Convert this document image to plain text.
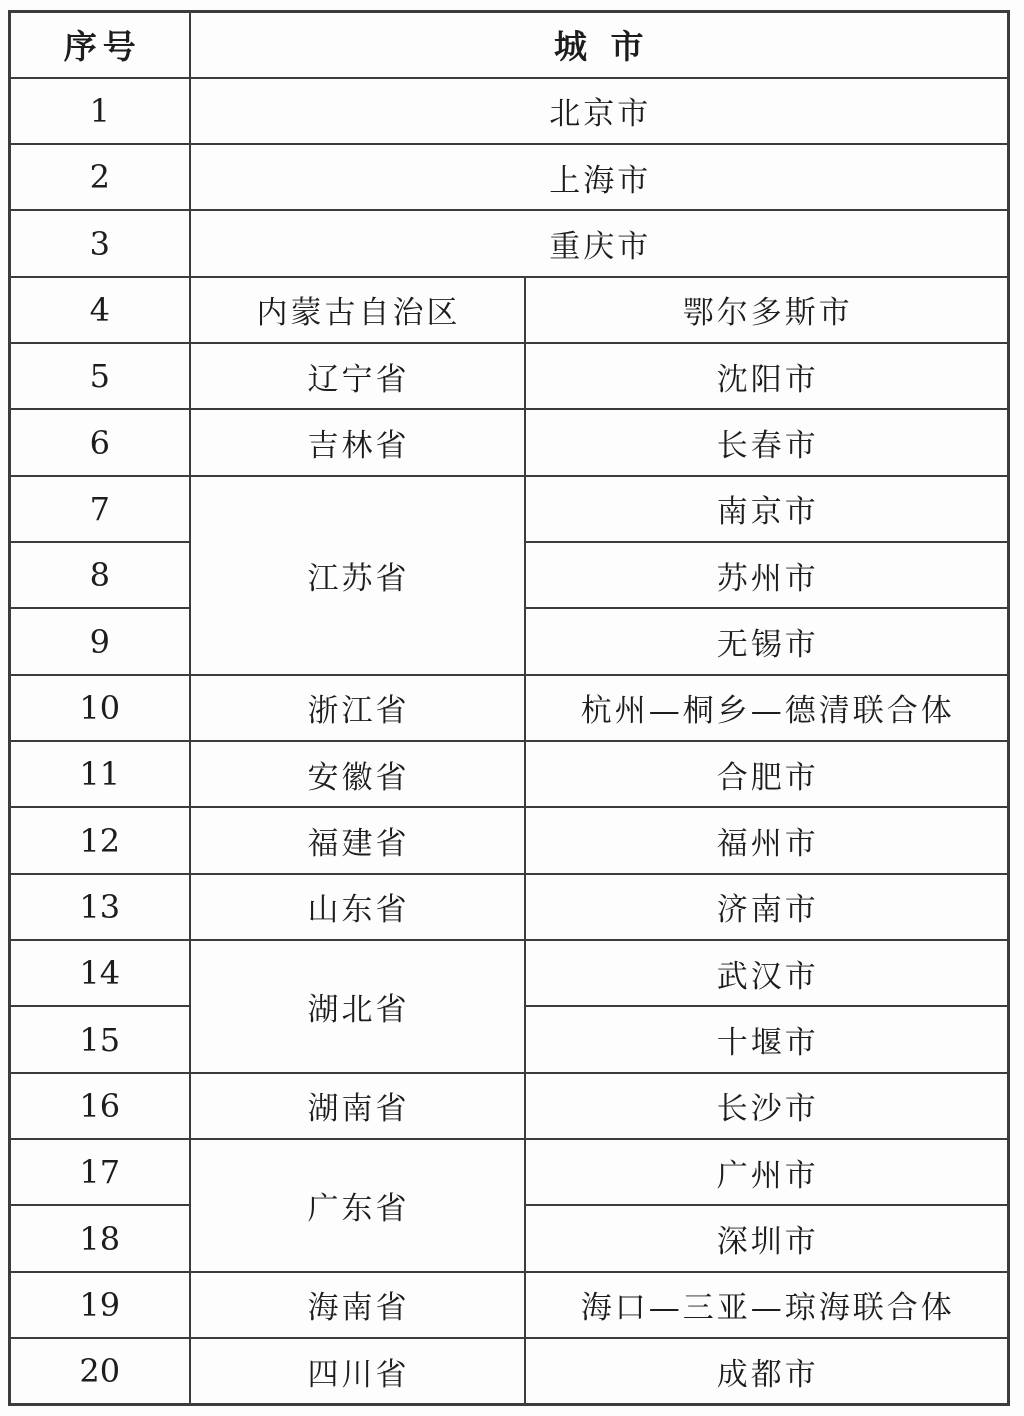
序号	城 市	
1	北京市	
2	上海市	
3	重庆市	
4	内蒙古自治区	鄂尔多斯市
5	辽宁省	沈阳市
6	吉林省	长春市
7	江苏省	南京市
8		苏州市
9		无锡市
10	浙江省	杭州—桐乡—德清联合体
11	安徽省	合肥市
12	福建省	福州市
13	山东省	济南市
14	湖北省	武汉市
15		十堰市
16	湖南省	长沙市
17	广东省	广州市
18		深圳市
19	海南省	海口—三亚—琼海联合体
20	四川省	成都市
